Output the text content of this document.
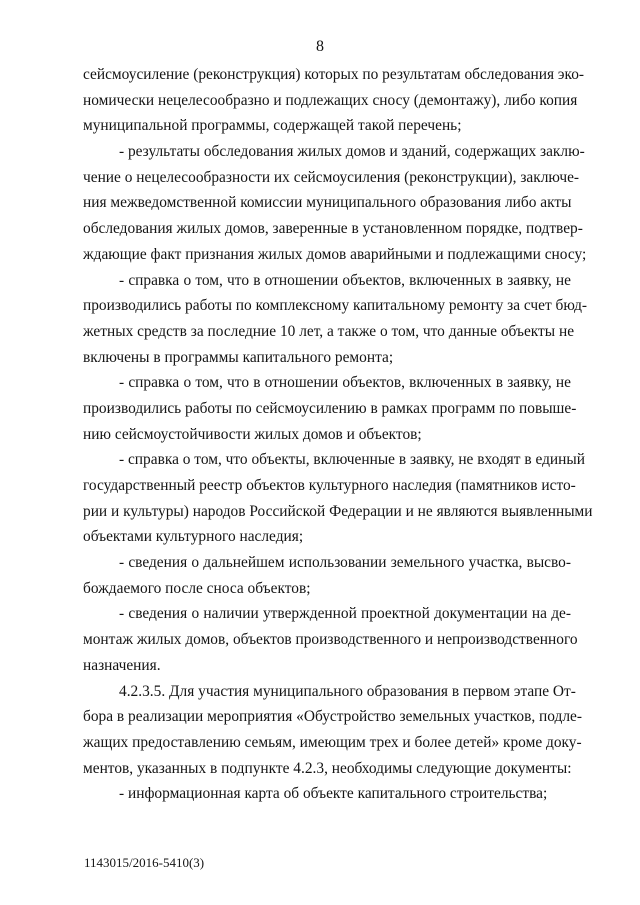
8
сейсмоусиление (реконструкция) которых по результатам обследования эко-
номически нецелесообразно и подлежащих сносу (демонтажу), либо копия
муниципальной программы, содержащей такой перечень;
- результаты обследования жилых домов и зданий, содержащих заклю-
чение о нецелесообразности их сейсмоусиления (реконструкции), заключе-
ния межведомственной комиссии муниципального образования либо акты
обследования жилых домов, заверенные в установленном порядке, подтвер-
ждающие факт признания жилых домов аварийными и подлежащими сносу;
- справка о том, что в отношении объектов, включенных в заявку, не
производились работы по комплексному капитальному ремонту за счет бюд-
жетных средств за последние 10 лет, а также о том, что данные объекты не
включены в программы капитального ремонта;
- справка о том, что в отношении объектов, включенных в заявку, не
производились работы по сейсмоусилению в рамках программ по повыше-
нию сейсмоустойчивости жилых домов и объектов;
- справка о том, что объекты, включенные в заявку, не входят в единый
государственный реестр объектов культурного наследия (памятников исто-
рии и культуры) народов Российской Федерации и не являются выявленными
объектами культурного наследия;
- сведения о дальнейшем использовании земельного участка, высво-
бождаемого после сноса объектов;
- сведения о наличии утвержденной проектной документации на де-
монтаж жилых домов, объектов производственного и непроизводственного
назначения.
4.2.3.5. Для участия муниципального образования в первом этапе От-
бора в реализации мероприятия «Обустройство земельных участков, подле-
жащих предоставлению семьям, имеющим трех и более детей» кроме доку-
ментов, указанных в подпункте 4.2.3, необходимы следующие документы:
- информационная карта об объекте капитального строительства;
1143015/2016-5410(3)
